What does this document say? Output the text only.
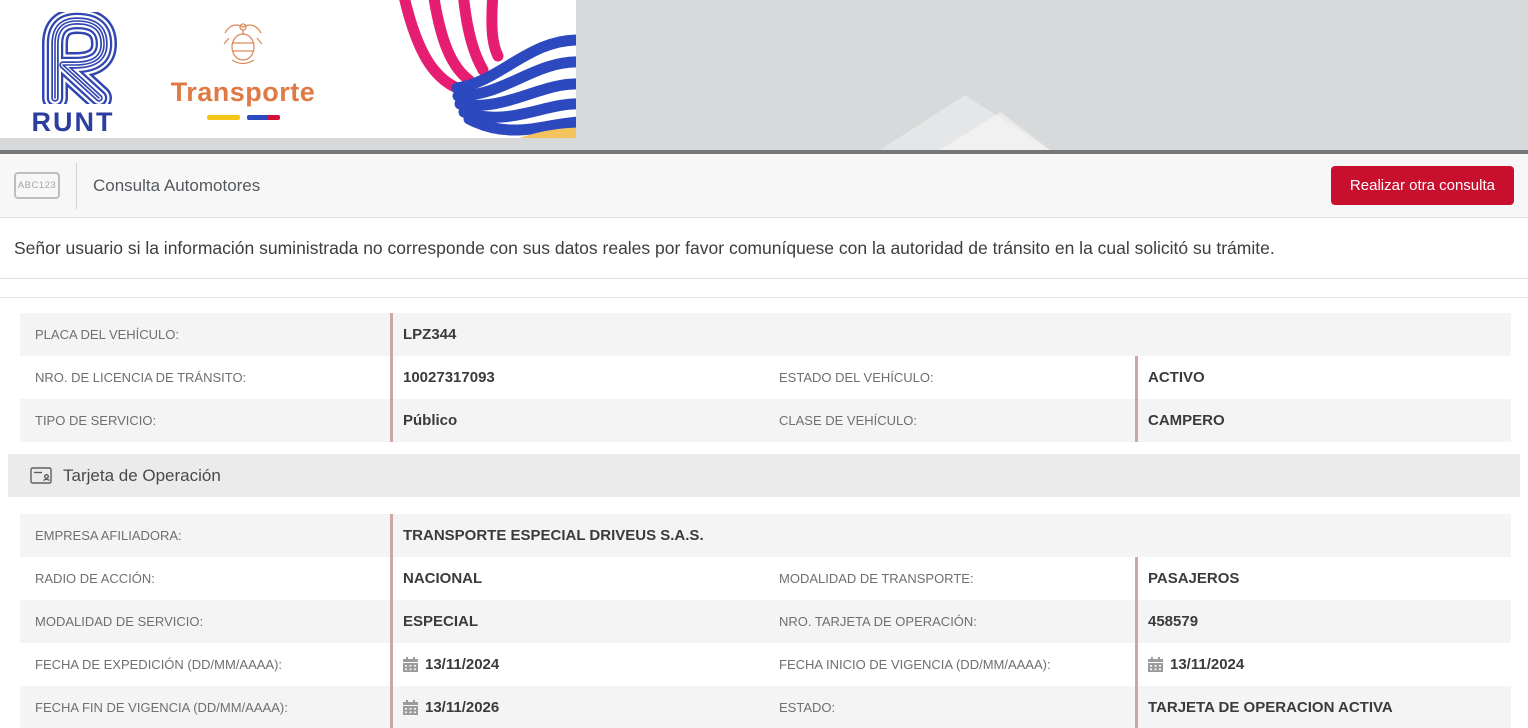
RUNT
Transporte
ABC123 Consulta Automotores	Realizar otra consulta
Señor usuario si la información suministrada no corresponde con sus datos reales por favor comuníquese con la autoridad de tránsito en la cual solicitó su trámite.
PLACA DEL VEHÍCULO:	LPZ344
NRO. DE LICENCIA DE TRÁNSITO:	10027317093	ESTADO DEL VEHÍCULO:	ACTIVO
TIPO DE SERVICIO:	Público	CLASE DE VEHÍCULO:	CAMPERO
Tarjeta de Operación
EMPRESA AFILIADORA:	TRANSPORTE ESPECIAL DRIVEUS S.A.S.
RADIO DE ACCIÓN:	NACIONAL	MODALIDAD DE TRANSPORTE:	PASAJEROS
MODALIDAD DE SERVICIO:	ESPECIAL	NRO. TARJETA DE OPERACIÓN:	458579
FECHA DE EXPEDICIÓN (DD/MM/AAAA):	13/11/2024	FECHA INICIO DE VIGENCIA (DD/MM/AAAA):	13/11/2024
FECHA FIN DE VIGENCIA (DD/MM/AAAA):	13/11/2026	ESTADO:	TARJETA DE OPERACION ACTIVA
